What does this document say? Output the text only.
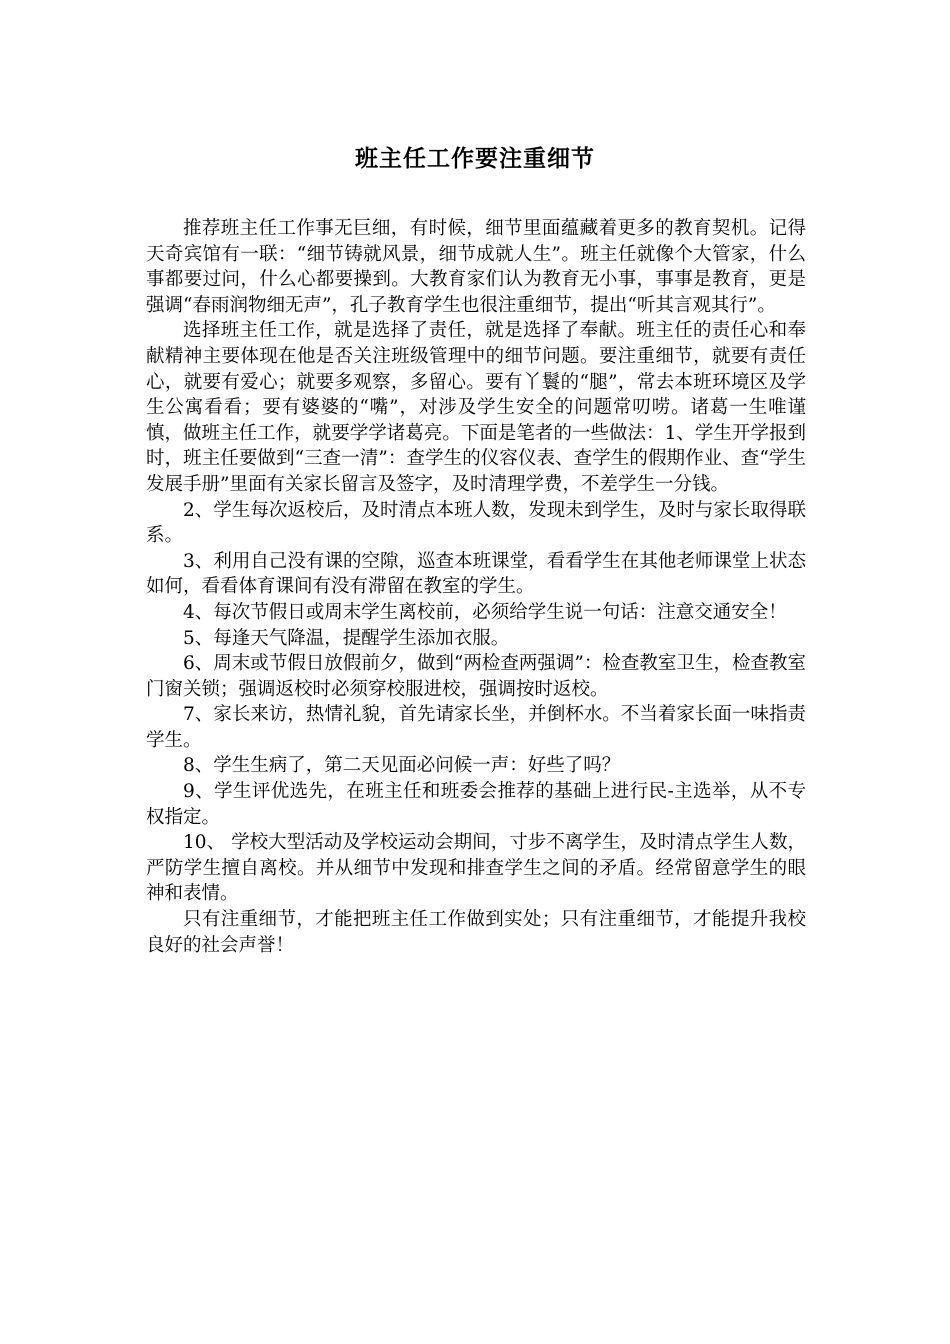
班主任工作要注重细节

推荐班主任工作事无巨细，有时候，细节里面蕴藏着更多的教育契机。记得天奇宾馆有一联：“细节铸就风景，细节成就人生”。班主任就像个大管家，什么事都要过问，什么心都要操到。大教育家们认为教育无小事，事事是教育，更是强调“春雨润物细无声”，孔子教育学生也很注重细节，提出“听其言观其行”。

选择班主任工作，就是选择了责任，就是选择了奉献。班主任的责任心和奉献精神主要体现在他是否关注班级管理中的细节问题。要注重细节，就要有责任心，就要有爱心；就要多观察，多留心。要有丫鬟的“腿”，常去本班环境区及学生公寓看看；要有婆婆的“嘴”，对涉及学生安全的问题常叨唠。诸葛一生唯谨慎，做班主任工作，就要学学诸葛亮。下面是笔者的一些做法：1、学生开学报到时，班主任要做到“三查一清”：查学生的仪容仪表、查学生的假期作业、查“学生发展手册”里面有关家长留言及签字，及时清理学费，不差学生一分钱。

2、学生每次返校后，及时清点本班人数，发现未到学生，及时与家长取得联系。

3、利用自己没有课的空隙，巡查本班课堂，看看学生在其他老师课堂上状态如何，看看体育课间有没有滞留在教室的学生。

4、每次节假日或周末学生离校前，必须给学生说一句话：注意交通安全！

5、每逢天气降温，提醒学生添加衣服。

6、周末或节假日放假前夕，做到“两检查两强调”：检查教室卫生，检查教室门窗关锁；强调返校时必须穿校服进校，强调按时返校。

7、家长来访，热情礼貌，首先请家长坐，并倒杯水。不当着家长面一味指责学生。

8、学生生病了，第二天见面必问候一声：好些了吗？

9、学生评优选先，在班主任和班委会推荐的基础上进行民-主选举，从不专权指定。

10、 学校大型活动及学校运动会期间，寸步不离学生，及时清点学生人数，严防学生擅自离校。并从细节中发现和排查学生之间的矛盾。经常留意学生的眼神和表情。

只有注重细节，才能把班主任工作做到实处；只有注重细节，才能提升我校良好的社会声誉！
